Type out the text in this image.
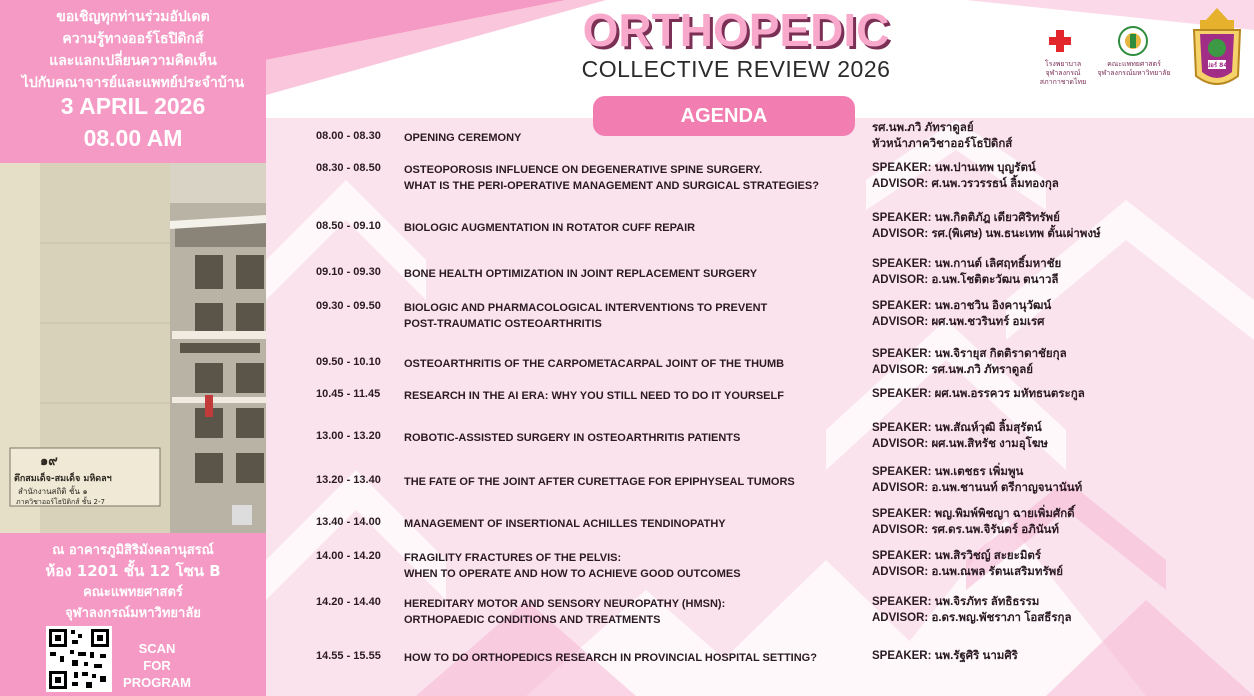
ขอเชิญทุกท่านร่วมอัปเดต
ความรู้ทางออร์โธปิดิกส์
และแลกเปลี่ยนความคิดเห็น
ไปกับคณาจารย์และแพทย์ประจำบ้าน
3 APRIL 2026
08.00 AM
๑๙
ตึกสมเด็จ-สมเด็จ มหิดลฯ
สำนักงานสถิติ ชั้น ๑
ภาควิชาออร์โธปิดิกส์ ชั้น 2-7
ณ อาคารภูมิสิริมังคลานุสรณ์
ห้อง 1201 ชั้น 12 โซน B
คณะแพทยศาสตร์
จุฬาลงกรณ์มหาวิทยาลัย
SCAN
FOR
PROGRAM
ORTHOPEDIC
COLLECTIVE REVIEW 2026
AGENDA
โรงพยาบาลจุฬาลงกรณ์
สภากาชาดไทย
คณะแพทยศาสตร์
จุฬาลงกรณ์มหาวิทยาลัย
ปอร์ 84
08.00 - 08.30 OPENING CEREMONY
รศ.นพ.ภวิ ภัทราดูลย์
หัวหน้าภาควิชาออร์โธปิดิกส์
08.30 - 08.50 OSTEOPOROSIS INFLUENCE ON DEGENERATIVE SPINE SURGERY.
WHAT IS THE PERI-OPERATIVE MANAGEMENT AND SURGICAL STRATEGIES?
SPEAKER: นพ.ปานเทพ บุญรัตน์
ADVISOR: ศ.นพ.วรวรรธน์ ลิ้มทองกุล
08.50 - 09.10 BIOLOGIC AUGMENTATION IN ROTATOR CUFF REPAIR
SPEAKER: นพ.กิตติภัฎ เดียวศิริทรัพย์
ADVISOR: รศ.(พิเศษ) นพ.ธนะเทพ ตั้นเผ่าพงษ์
09.10 - 09.30 BONE HEALTH OPTIMIZATION IN JOINT REPLACEMENT SURGERY
SPEAKER: นพ.กานต์ เลิศฤทธิ์มหาชัย
ADVISOR: อ.นพ.โชติตะวัฒน ตนาวลี
09.30 - 09.50 BIOLOGIC AND PHARMACOLOGICAL INTERVENTIONS TO PREVENT
POST-TRAUMATIC OSTEOARTHRITIS
SPEAKER: นพ.อาชวิน อิงคานุวัฒน์
ADVISOR: ผศ.นพ.ชวรินทร์ อมเรศ
09.50 - 10.10 OSTEOARTHRITIS OF THE CARPOMETACARPAL JOINT OF THE THUMB
SPEAKER: นพ.จิรายุส กิตติราดาชัยกุล
ADVISOR: รศ.นพ.ภวิ ภัทราดูลย์
10.45 - 11.45 RESEARCH IN THE AI ERA: WHY YOU STILL NEED TO DO IT YOURSELF	SPEAKER: ผศ.นพ.อรรควร มหัทธนตระกูล
13.00 - 13.20 ROBOTIC-ASSISTED SURGERY IN OSTEOARTHRITIS PATIENTS
SPEAKER: นพ.สัณห์วุฒิ ลิ้มสุรัตน์
ADVISOR: ผศ.นพ.สิหรัช งามอุโฆษ
13.20 - 13.40 THE FATE OF THE JOINT AFTER CURETTAGE FOR EPIPHYSEAL TUMORS
SPEAKER: นพ.เตชธร เพิ่มพูน
ADVISOR: อ.นพ.ชานนท์ ตรีกาญจนานันท์
13.40 - 14.00 MANAGEMENT OF INSERTIONAL ACHILLES TENDINOPATHY
SPEAKER: พญ.พิมพ์พิชญา ฉายเพิ่มศักดิ์
ADVISOR: รศ.ดร.นพ.จิรันดร์ อภินันท์
14.00 - 14.20 FRAGILITY FRACTURES OF THE PELVIS:
WHEN TO OPERATE AND HOW TO ACHIEVE GOOD OUTCOMES
SPEAKER: นพ.สิรวิชญ์ สะยะมิตร์
ADVISOR: อ.นพ.ณพล รัตนเสริมทรัพย์
14.20 - 14.40 HEREDITARY MOTOR AND SENSORY NEUROPATHY (HMSN):
ORTHOPAEDIC CONDITIONS AND TREATMENTS
SPEAKER: นพ.จิรภัทร ลัทธิธรรม
ADVISOR: อ.ดร.พญ.พัชราภา โอสธีรกุล
14.55 - 15.55 HOW TO DO ORTHOPEDICS RESEARCH IN PROVINCIAL HOSPITAL SETTING?	SPEAKER: นพ.รัฐศิริ นามศิริ
